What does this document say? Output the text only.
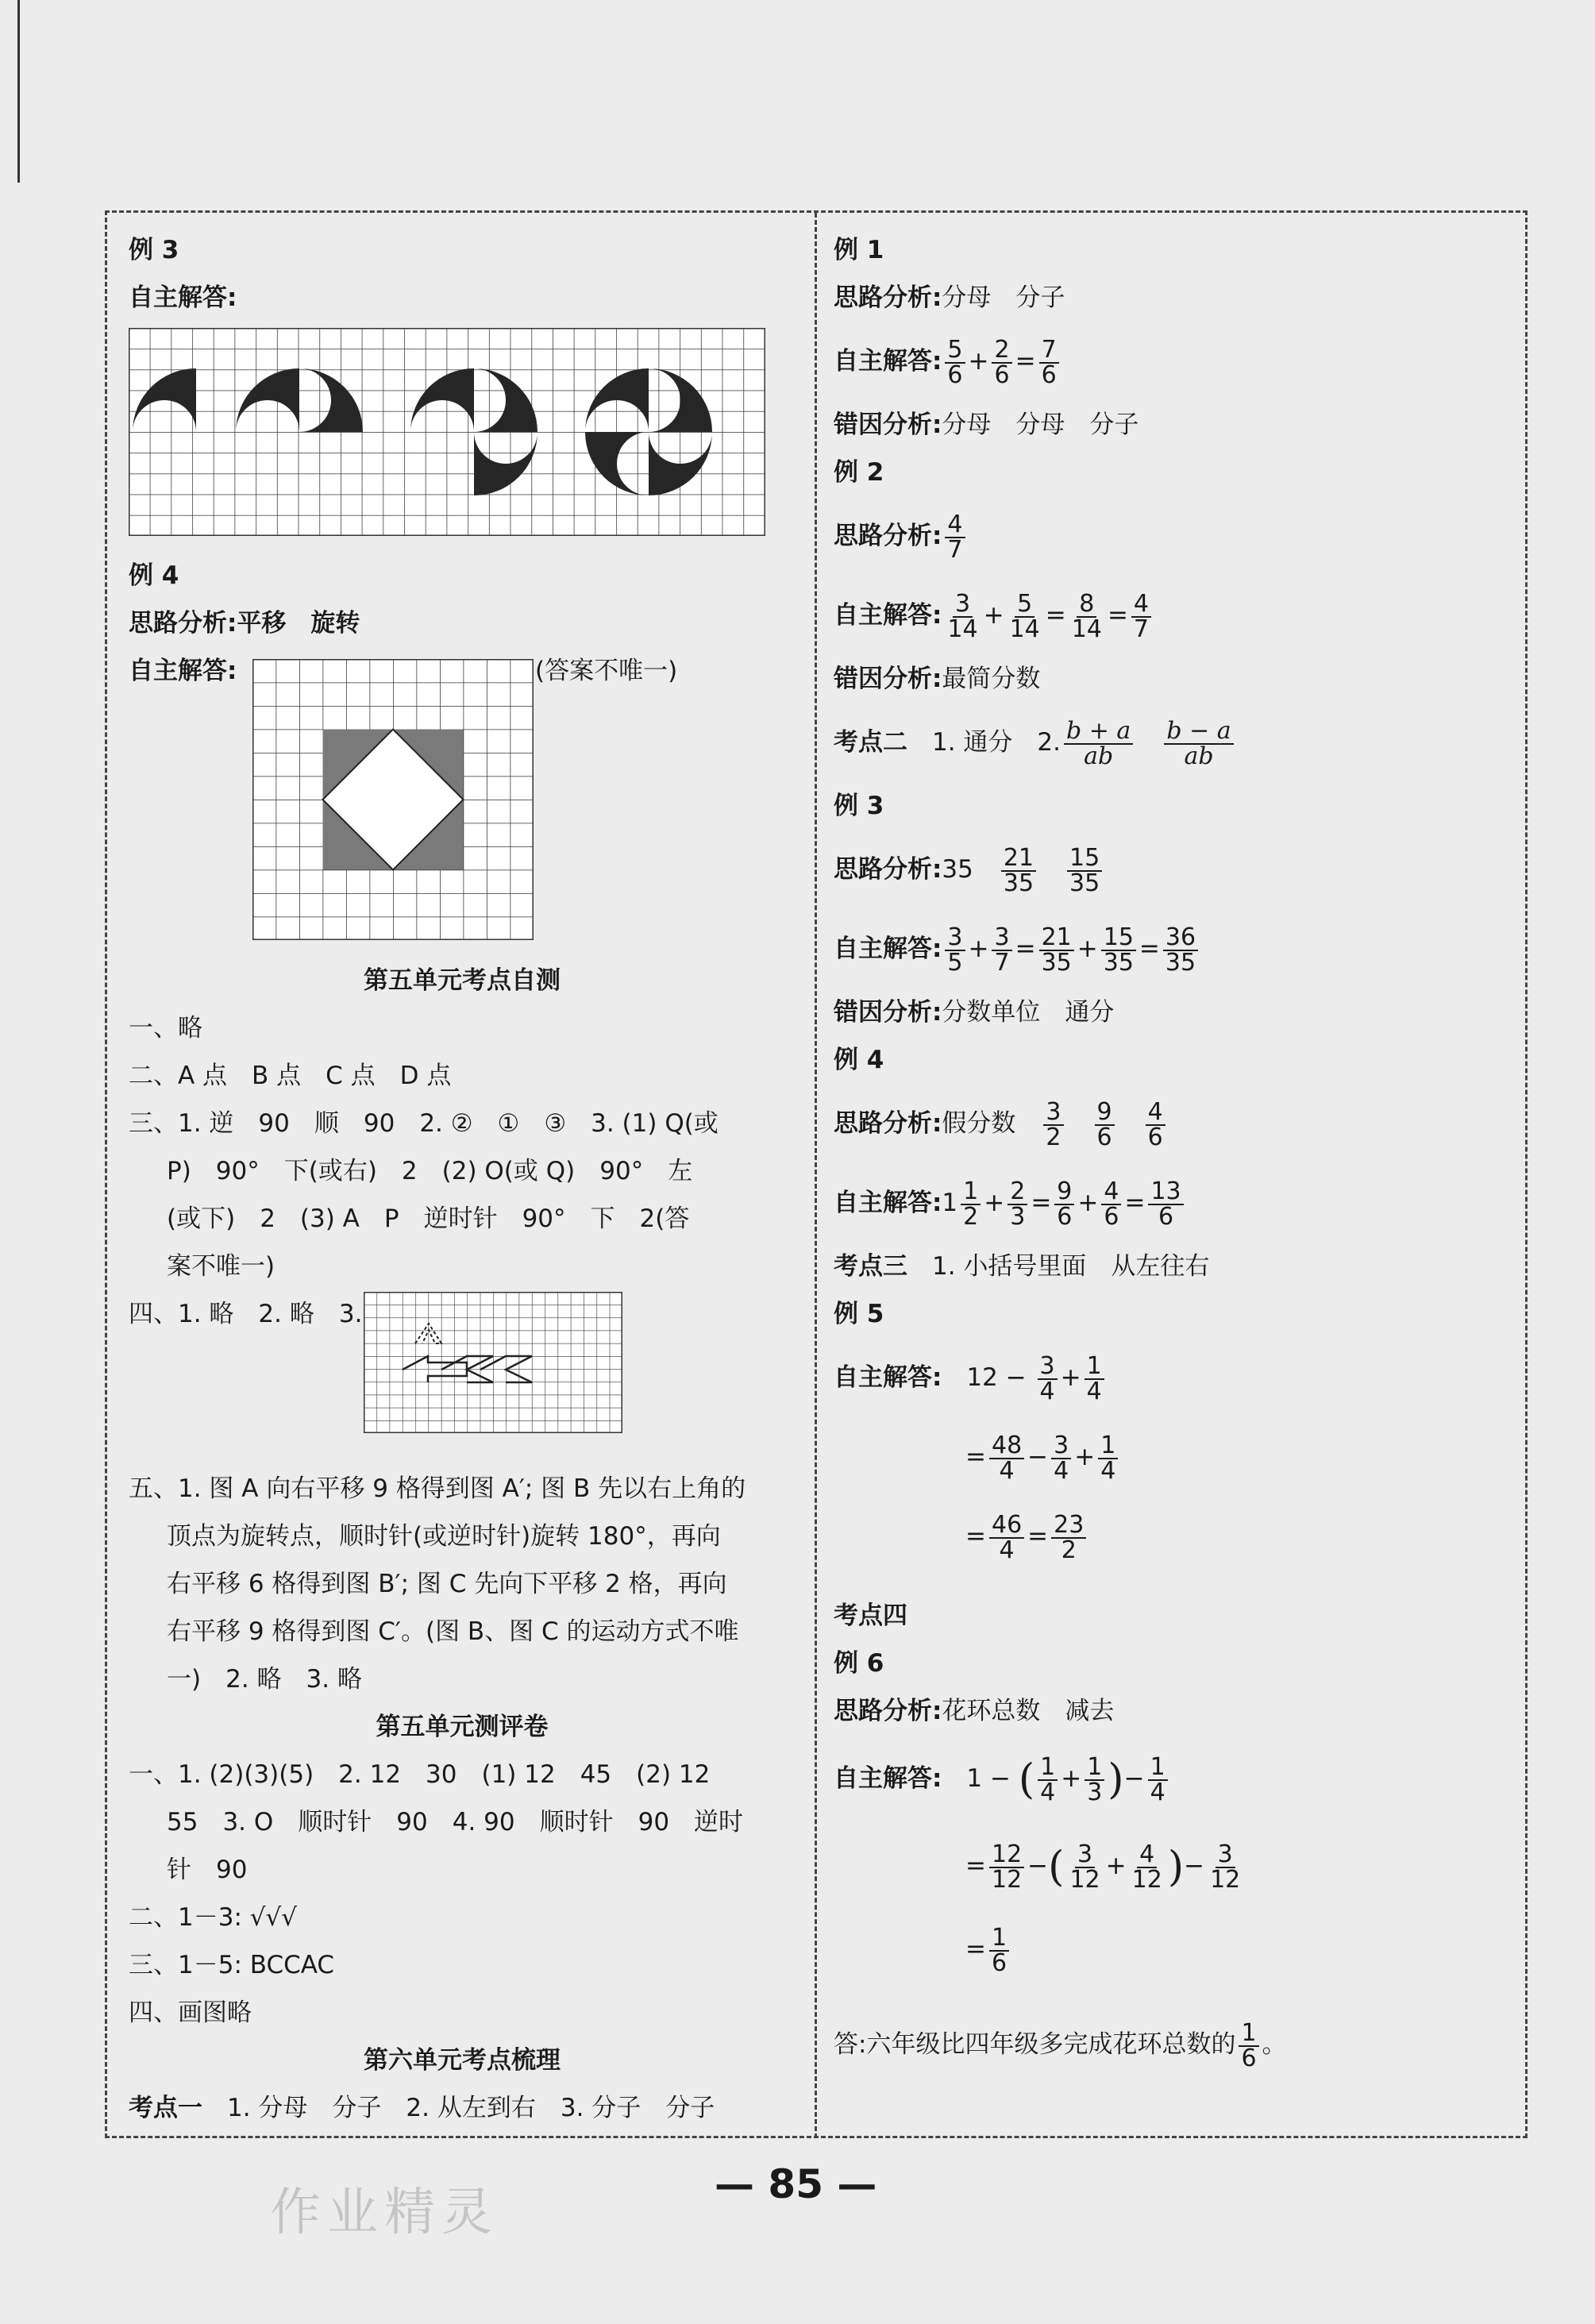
例 3
自主解答:
例 4
思路分析:平移　旋转
自主解答:	(答案不唯一)
第五单元考点自测
一、略
二、A 点　B 点　C 点　D 点
三、1. 逆　90　顺　90　2. ②　①　③　3. (1) Q(或
P)　90°　下(或右)　2　(2) O(或 Q)　90°　左
(或下)　2　(3) A　P　逆时针　90°　下　2(答
案不唯一)
四、1. 略　2. 略　3.
五、1. 图 A 向右平移 9 格得到图 A′; 图 B 先以右上角的
顶点为旋转点，顺时针(或逆时针)旋转 180°，再向
右平移 6 格得到图 B′; 图 C 先向下平移 2 格，再向
右平移 9 格得到图 C′。(图 B、图 C 的运动方式不唯
一)　2. 略　3. 略
第五单元测评卷
一、1. (2)(3)(5)　2. 12　30　(1) 12　45　(2) 12
55　3. O　顺时针　90　4. 90　顺时针　90　逆时
针　90
二、1－3: √√√
三、1－5: BCCAC
四、画图略
第六单元考点梳理
考点一　 1. 分母　分子　2. 从左到右　3. 分子　分子
例 1
思路分析:分母　分子
自主解答: $\frac{5}{6} + \frac{2}{6} = \frac{7}{6}$
错因分析:分母　分母　分子
例 2
思路分析: $\frac{4}{7}$
自主解答: $\frac{3}{14} + \frac{5}{14} = \frac{8}{14} = \frac{4}{7}$
错因分析:最简分数
考点二　 1. 通分　2. $\frac{b + a}{ab}$
　 $\frac{b - a}{ab}$
例 3
思路分析:35　 $\frac{21}{35}$
　 $\frac{15}{35}$
自主解答: $\frac{3}{5} + \frac{3}{7} = \frac{21}{35} + \frac{15}{35} = \frac{36}{35}$
错因分析:分数单位　通分
例 4
思路分析:假分数　 $\frac{3}{2}$
　 $\frac{9}{6}$
　 $\frac{4}{6}$
自主解答:1 $\frac{1}{2} + \frac{2}{3} = \frac{9}{6} + \frac{4}{6} = \frac{13}{6}$
考点三　 1. 小括号里面　从左往右
例 5
自主解答:　 $12 - \frac{3}{4} + \frac{1}{4}$
= $\frac{48}{4} - \frac{3}{4} + \frac{1}{4}$
= $\frac{46}{4} = \frac{23}{2}$
考点四
例 6
思路分析:花环总数　减去
自主解答:　 1 − ( $\frac{1}{4} + \frac{1}{3}$ )− $\frac{1}{4}$
= $\frac{12}{12}$ −( $\frac{3}{12} + \frac{4}{12}$ )− $\frac{3}{12}$
= $\frac{1}{6}$
答:六年级比四年级多完成花环总数的 $\frac{1}{6}$ 。
— 85 —
作业精灵
